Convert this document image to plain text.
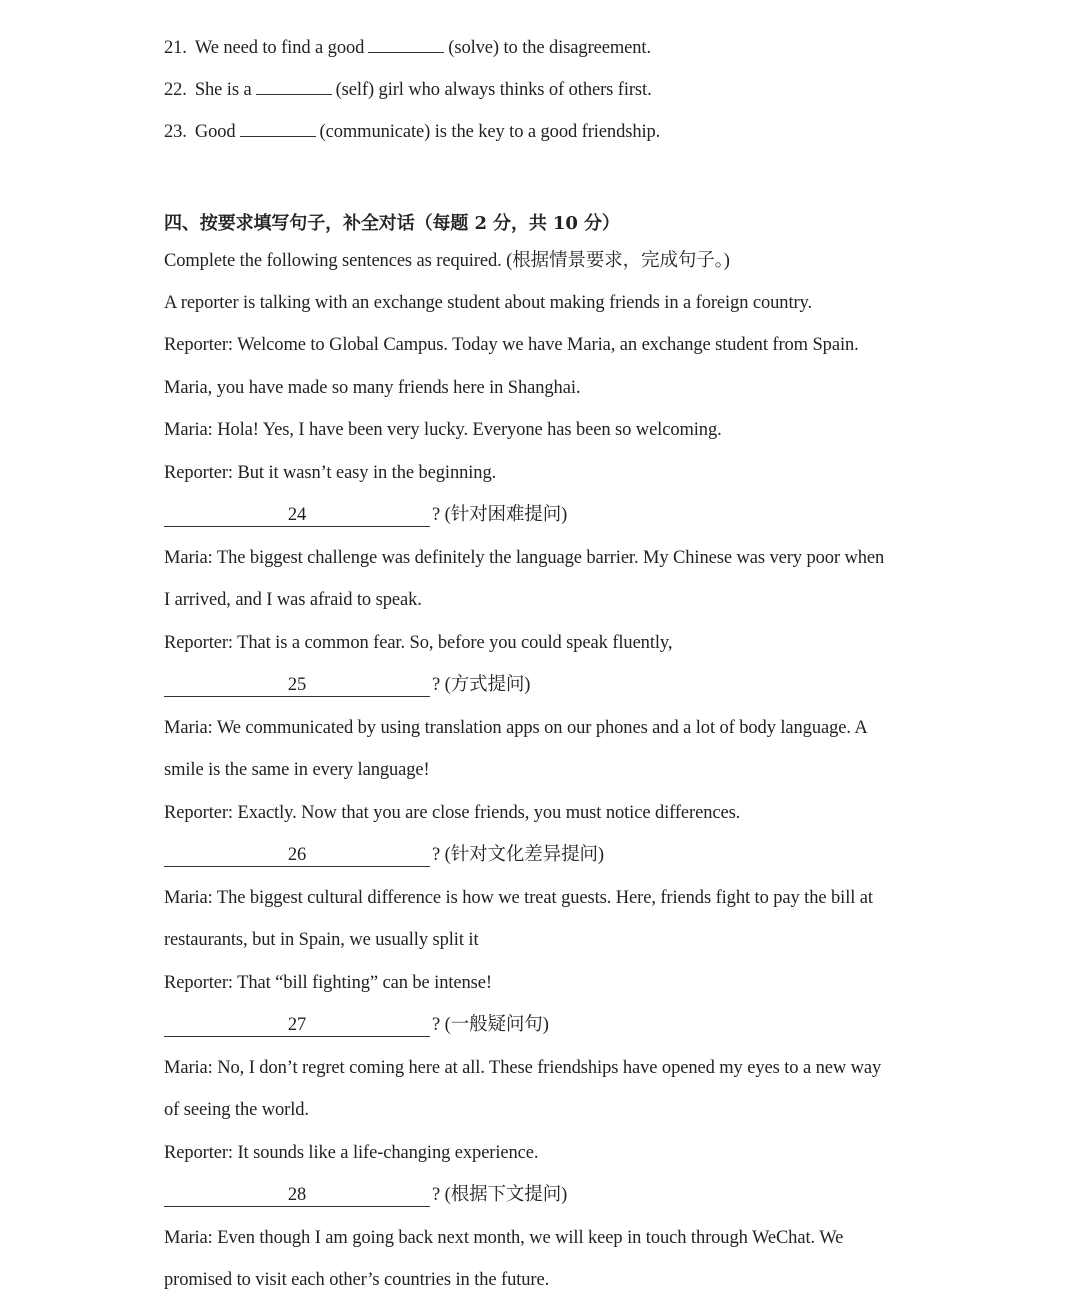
21. We need to find a good	(solve) to the disagreement.
22. She is a	(self) girl who always thinks of others first.
23. Good	(communicate) is the key to a good friendship.
四、按要求填写句子，补全对话（每题 2 分，共 10 分）
Complete the following sentences as required. (根据情景要求，完成句子。)
A reporter is talking with an exchange student about making friends in a foreign country.
Reporter: Welcome to Global Campus. Today we have Maria, an exchange student from Spain.
Maria, you have made so many friends here in Shanghai.
Maria: Hola! Yes, I have been very lucky. Everyone has been so welcoming.
Reporter: But it wasn’t easy in the beginning.
24	? (针对困难提问)
Maria: The biggest challenge was definitely the language barrier. My Chinese was very poor when
I arrived, and I was afraid to speak.
Reporter: That is a common fear. So, before you could speak fluently,
25	? (方式提问)
Maria: We communicated by using translation apps on our phones and a lot of body language. A
smile is the same in every language!
Reporter: Exactly. Now that you are close friends, you must notice differences.
26	? (针对文化差异提问)
Maria: The biggest cultural difference is how we treat guests. Here, friends fight to pay the bill at
restaurants, but in Spain, we usually split it
Reporter: That “bill fighting” can be intense!
27	? (一般疑问句)
Maria: No, I don’t regret coming here at all. These friendships have opened my eyes to a new way
of seeing the world.
Reporter: It sounds like a life-changing experience.
28	? (根据下文提问)
Maria: Even though I am going back next month, we will keep in touch through WeChat. We
promised to visit each other’s countries in the future.
